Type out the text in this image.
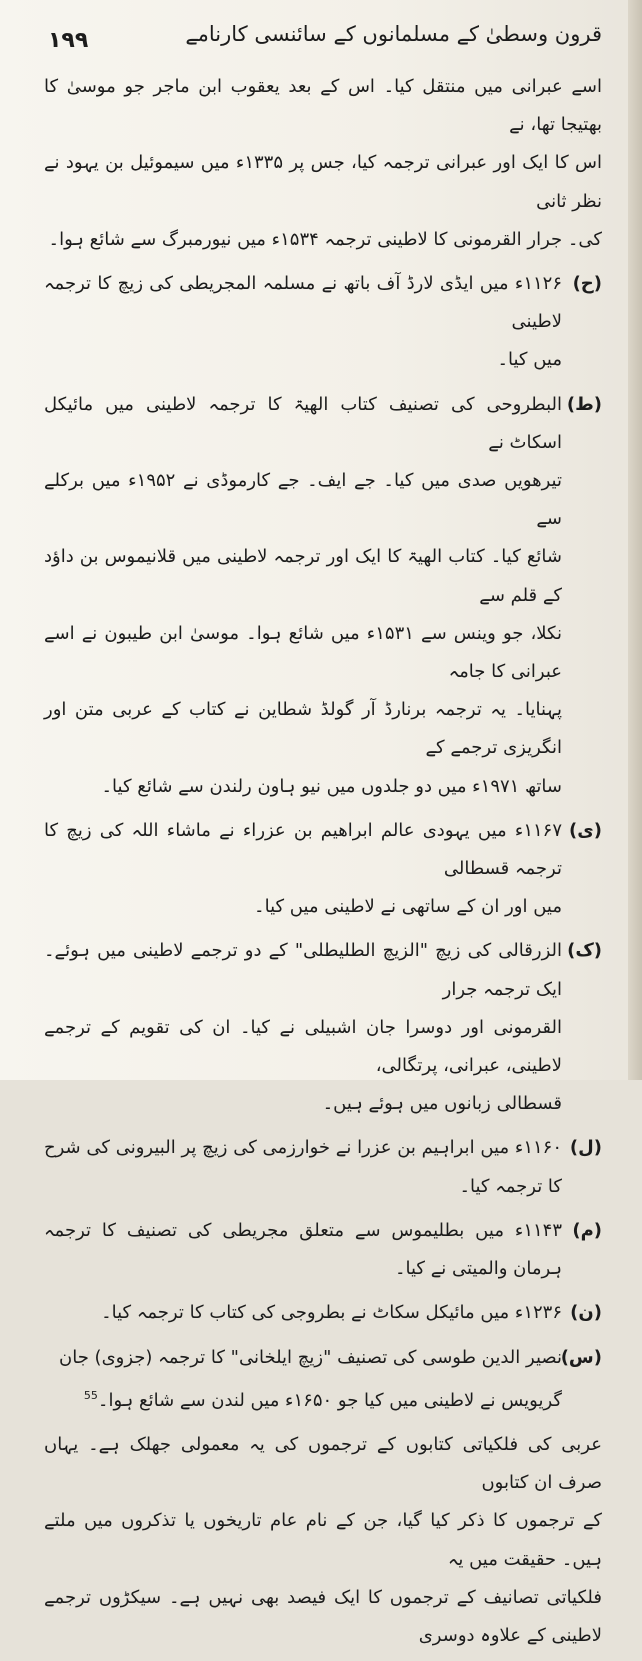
١٩٩	قرون وسطیٰ کے مسلمانوں کے سائنسی کارنامے
اسے عبرانی میں منتقل کیا۔ اس کے بعد یعقوب ابن ماجر جو موسیٰ کا بھتیجا تھا، نے
اس کا ایک اور عبرانی ترجمہ کیا، جس پر ۱۳۳۵ء میں سیموئیل بن یہود نے نظر ثانی
کی۔ جرار القرمونی کا لاطینی ترجمہ ۱۵۳۴ء میں نیورمبرگ سے شائع ہوا۔
(ح)
۱۱۲۶ء میں ایڈی لارڈ آف باتھ نے مسلمہ المجریطی کی زیچ کا ترجمہ لاطینی
میں کیا۔
(ط)
البطروحی کی تصنیف کتاب الھیۃ کا ترجمہ لاطینی میں مائیکل اسکاٹ نے
تیرھویں صدی میں کیا۔ جے ایف۔ جے کارموڈی نے ۱۹۵۲ء میں برکلے سے
شائع کیا۔ کتاب الھیۃ کا ایک اور ترجمہ لاطینی میں قلانیموس بن داؤد کے قلم سے
نکلا، جو وینس سے ۱۵۳۱ء میں شائع ہوا۔ موسیٰ ابن طیبون نے اسے عبرانی کا جامہ
پہنایا۔ یہ ترجمہ برنارڈ آر گولڈ شطاین نے کتاب کے عربی متن اور انگریزی ترجمے کے
ساتھ ۱۹۷۱ء میں دو جلدوں میں نیو ہاون رلندن سے شائع کیا۔
(ی)
۱۱۶۷ء میں یہودی عالم ابراھیم بن عزراء نے ماشاء اللہ کی زیچ کا ترجمہ قسطالی
میں اور ان کے ساتھی نے لاطینی میں کیا۔
(ک)
الزرقالی کی زیچ "الزیچ الطلیطلی" کے دو ترجمے لاطینی میں ہوئے۔ ایک ترجمہ جرار
القرمونی اور دوسرا جان اشبیلی نے کیا۔ ان کی تقویم کے ترجمے لاطینی، عبرانی، پرتگالی،
قسطالی زبانوں میں ہوئے ہیں۔
(ل)
۱۱۶۰ء میں ابراہیم بن عزرا نے خوارزمی کی زیچ پر البیرونی کی شرح کا ترجمہ کیا۔
(م)
۱۱۴۳ء میں بطلیموس سے متعلق مجریطی کی تصنیف کا ترجمہ ہرمان والمیتی نے کیا۔
(ن)
۱۲۳۶ء میں مائیکل سکاٹ نے بطروجی کی کتاب کا ترجمہ کیا۔
(س)
نصیر الدین طوسی کی تصنیف "زیچ ایلخانی" کا ترجمہ (جزوی) جان
گریویس نے لاطینی میں کیا جو ۱۶۵۰ء میں لندن سے شائع ہوا۔55
عربی کی فلکیاتی کتابوں کے ترجموں کی یہ معمولی جھلک ہے۔ یہاں صرف ان کتابوں
کے ترجموں کا ذکر کیا گیا، جن کے نام عام تاریخوں یا تذکروں میں ملتے ہیں۔ حقیقت میں یہ
فلکیاتی تصانیف کے ترجموں کا ایک فیصد بھی نہیں ہے۔ سیکڑوں ترجمے لاطینی کے علاوہ دوسری
